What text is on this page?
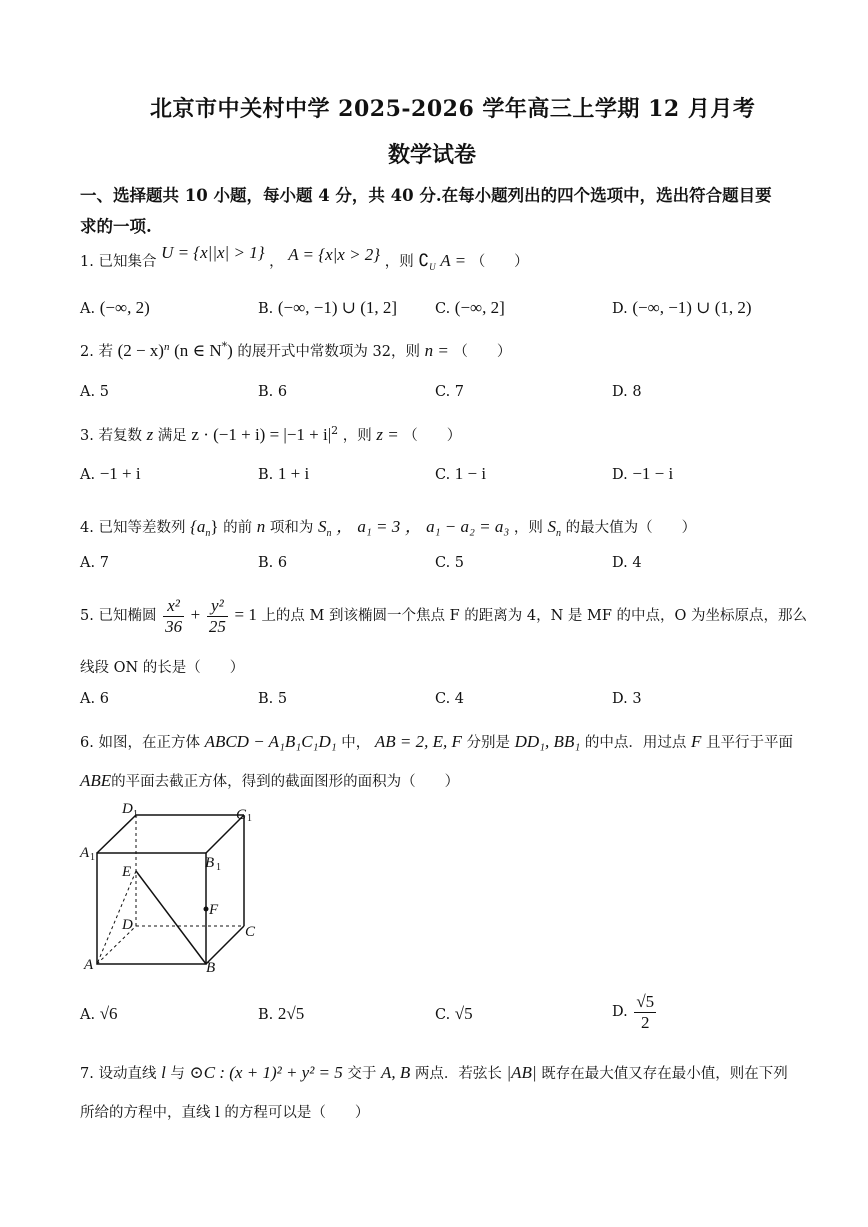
北京市中关村中学 2025-2026 学年高三上学期 12 月月考
数学试卷
一、选择题共 10 小题，每小题 4 分，共 40 分.在每小题列出的四个选项中，选出符合题目要
求的一项.
1. 已知集合 U = {x||x| > 1} ， A = {x|x > 2} ，则 $∁_U$ A = （　　）
A. (−∞, 2)	B. (−∞, −1) ∪ (1, 2]	C. (−∞, 2]	D. (−∞, −1) ∪ (1, 2)
2. 若 $(2 - x)^n$ (n ∈ N*) 的展开式中常数项为 32，则 n = （　　）
A. 5	B. 6	C. 7	D. 8
3. 若复数 z 满足 $z \cdot (-1 + i) = |-1 + i|^2$ ，则 z = （　　）
A. −1 + i	B. 1 + i	C. 1 − i	D. −1 − i
4. 已知等差数列 $\{a_n\}$ 的前 n 项和为 $S_n$ ， a₁ = 3 ， a₁ − a₂ = a₃ ，则 $S_n$ 的最大值为（　　）
A. 7	B. 6	C. 5	D. 4
5. 已知椭圆 $\frac{\text{x²}}{36} + \frac{\text{y²}}{25} = 1$ 上的点 M 到该椭圆一个焦点 F 的距离为 4，N 是 MF 的中点，O 为坐标原点，那么
线段 ON 的长是（　　）
A. 6	B. 5	C. 4	D. 3
6. 如图，在正方体 ABCD − A₁B₁C₁D₁ 中， AB = 2, E, F 分别是 DD₁, BB₁ 的中点．用过点 F 且平行于平面
ABE的平面去截正方体，得到的截面图形的面积为（　　）
D 1	C 1
A 1	B 1
E
F
D	C
A	B
A. √6	B. 2√5	C. √5	D. $\frac{√5}{2}$
7. 设动直线 l 与 ⊙C : (x + 1)² + y² = 5 交于 A, B 两点．若弦长 |AB| 既存在最大值又存在最小值，则在下列
所给的方程中，直线 l 的方程可以是（　　）
